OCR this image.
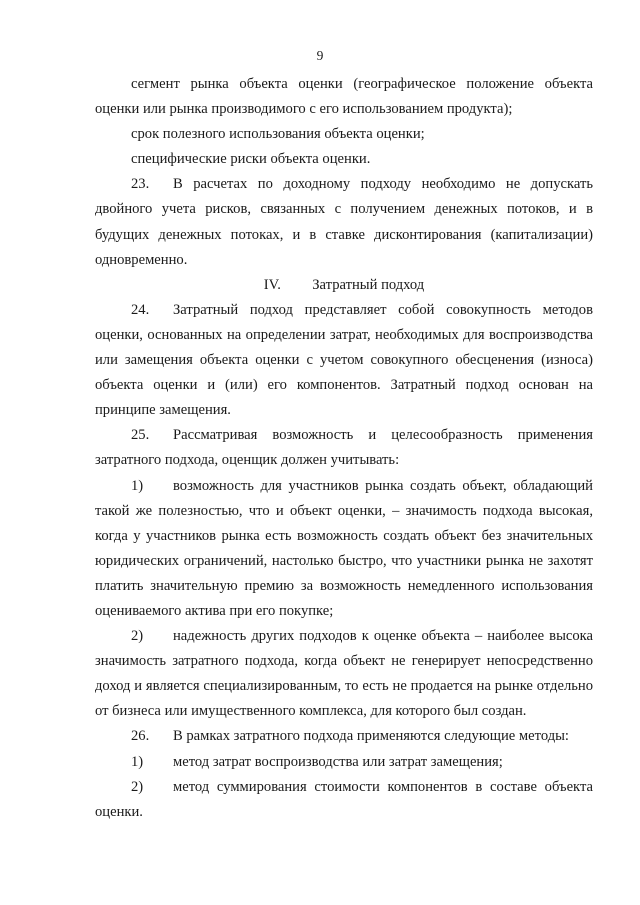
9

сегмент рынка объекта оценки (географическое положение объекта оценки или рынка производимого с его использованием продукта);

срок полезного использования объекта оценки;

специфические риски объекта оценки.

23. В расчетах по доходному подходу необходимо не допускать двойного учета рисков, связанных с получением денежных потоков, и в будущих денежных потоках, и в ставке дисконтирования (капитализации) одновременно.

IV. Затратный подход

24. Затратный подход представляет собой совокупность методов оценки, основанных на определении затрат, необходимых для воспроизводства или замещения объекта оценки с учетом совокупного обесценения (износа) объекта оценки и (или) его компонентов. Затратный подход основан на принципе замещения.

25. Рассматривая возможность и целесообразность применения затратного подхода, оценщик должен учитывать:

1) возможность для участников рынка создать объект, обладающий такой же полезностью, что и объект оценки, – значимость подхода высокая, когда у участников рынка есть возможность создать объект без значительных юридических ограничений, настолько быстро, что участники рынка не захотят платить значительную премию за возможность немедленного использования оцениваемого актива при его покупке;

2) надежность других подходов к оценке объекта – наиболее высока значимость затратного подхода, когда объект не генерирует непосредственно доход и является специализированным, то есть не продается на рынке отдельно от бизнеса или имущественного комплекса, для которого был создан.

26. В рамках затратного подхода применяются следующие методы:

1) метод затрат воспроизводства или затрат замещения;

2) метод суммирования стоимости компонентов в составе объекта оценки.
